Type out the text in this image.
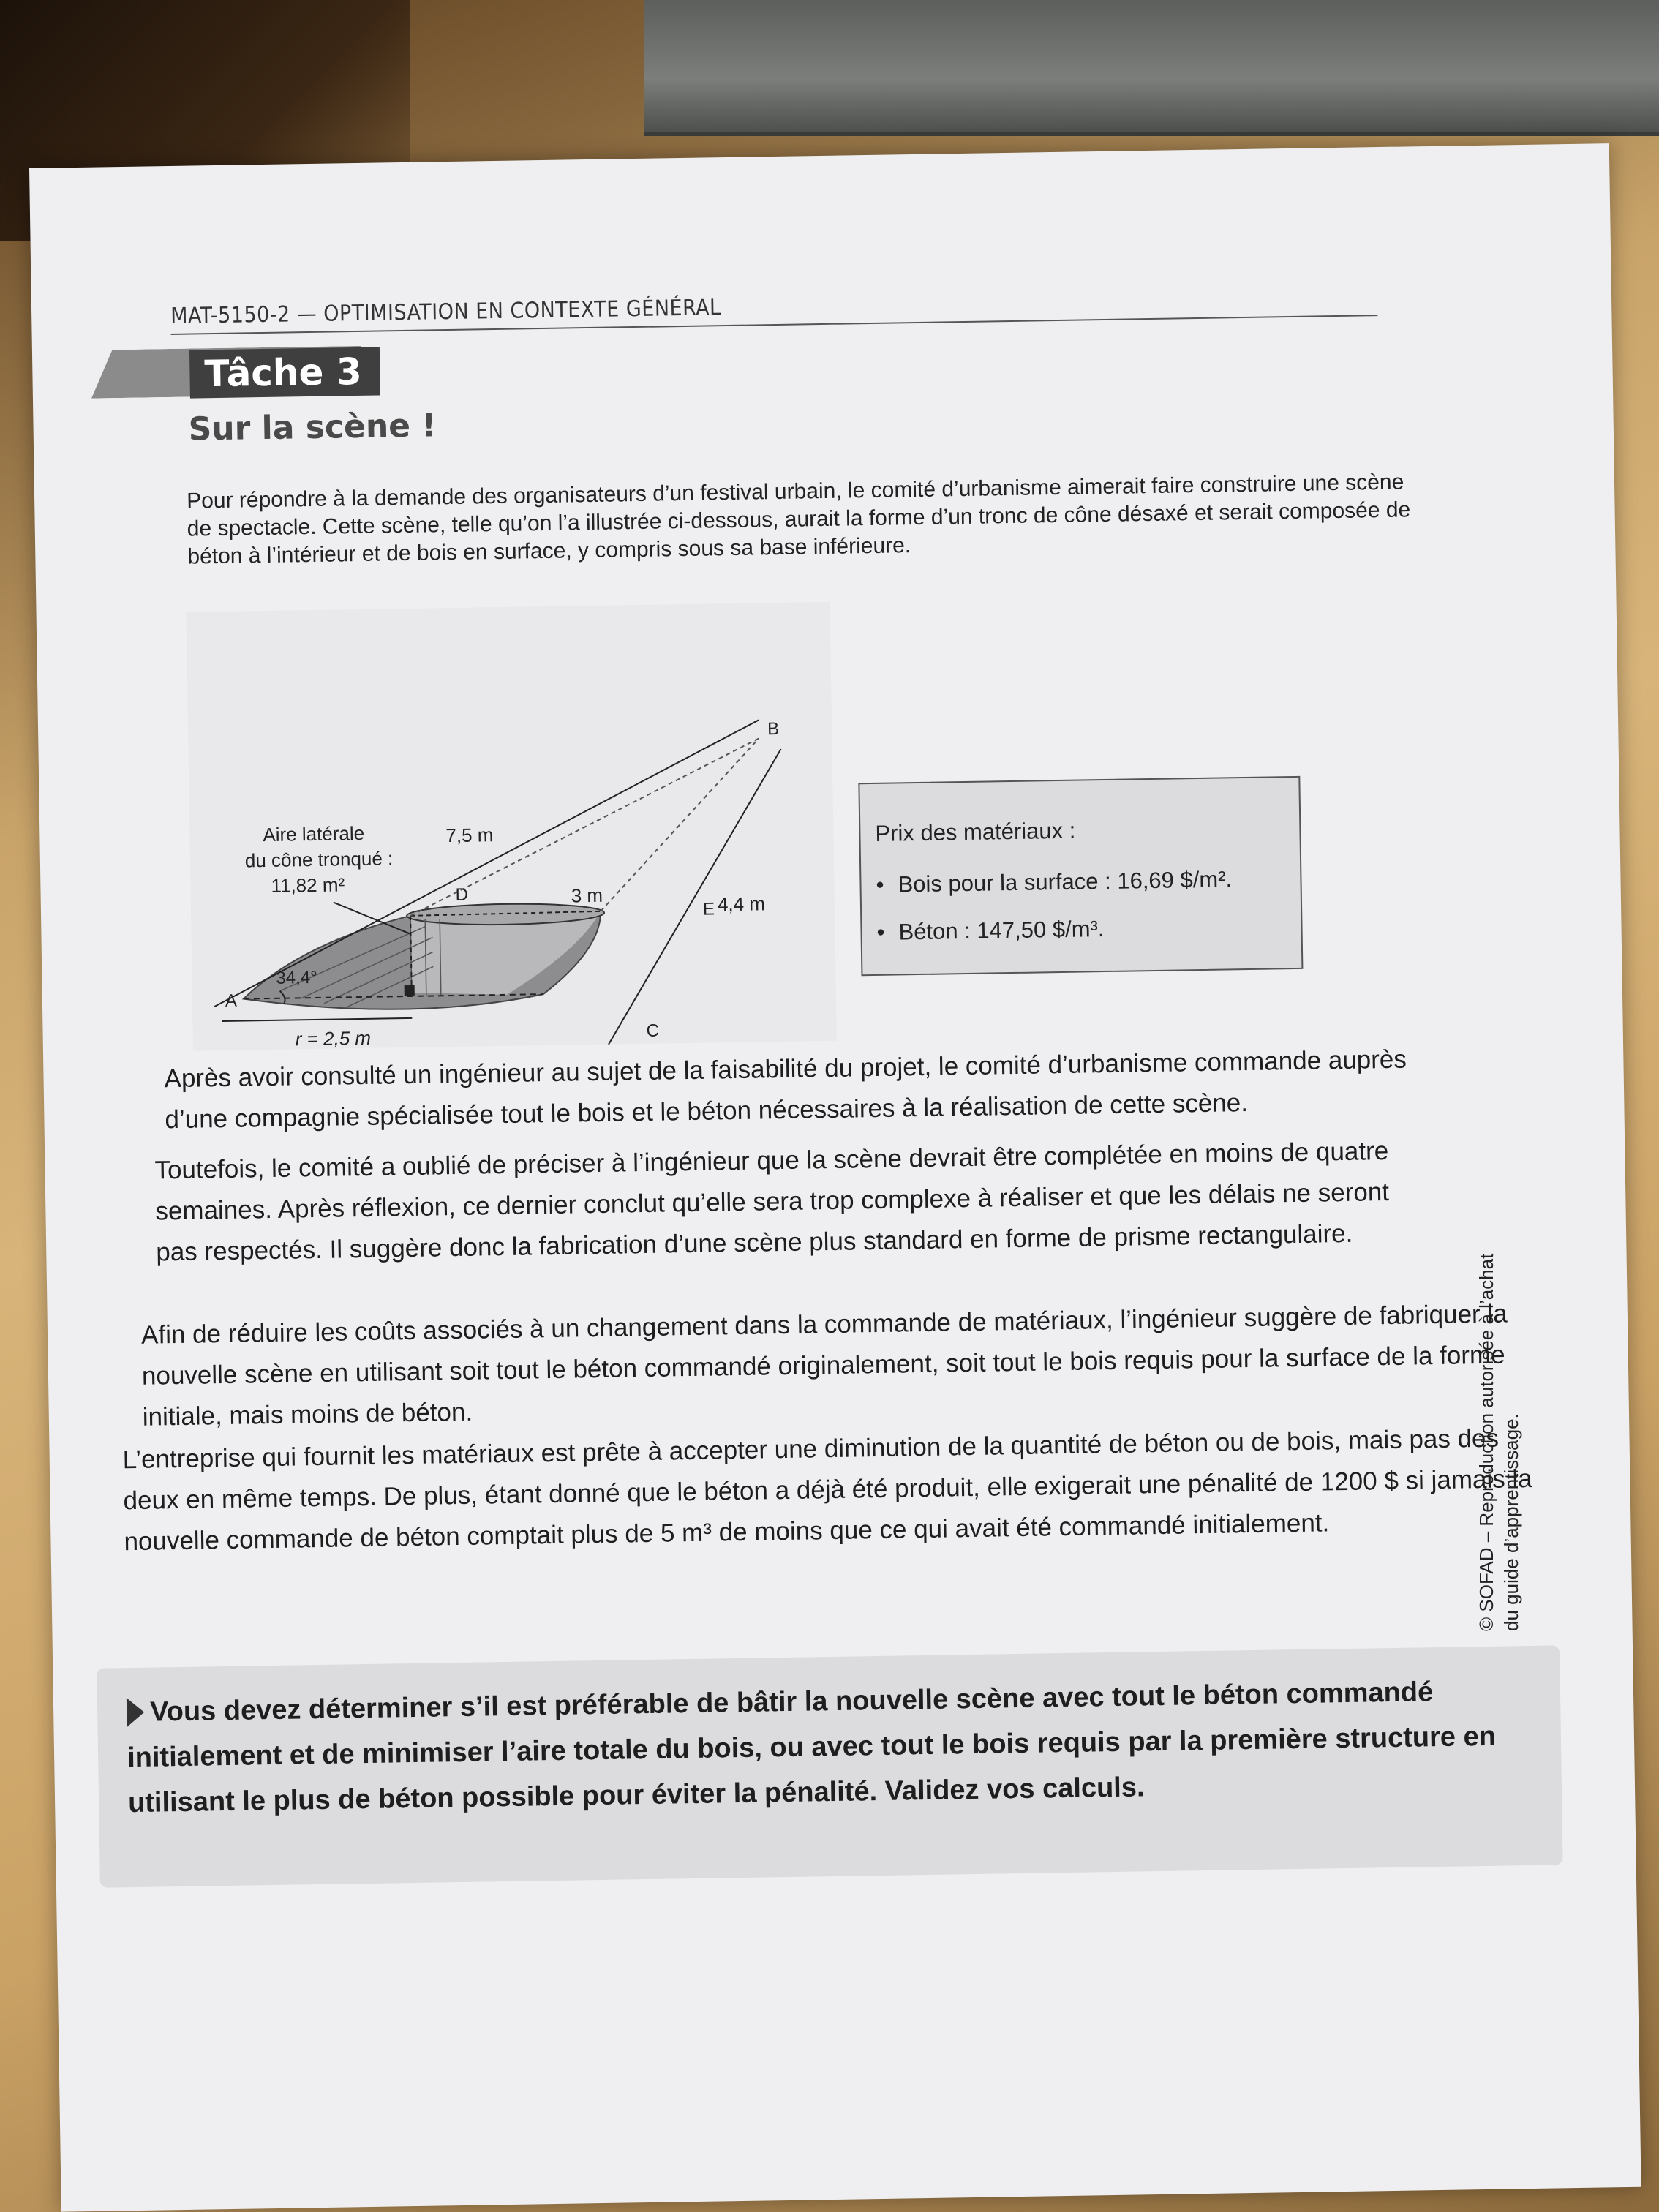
MAT-5150-2 — OPTIMISATION EN CONTEXTE GÉNÉRAL
Tâche 3
Sur la scène !
Pour répondre à la demande des organisateurs d’un festival urbain, le comité d’urbanisme aimerait faire construire une scène de spectacle. Cette scène, telle qu’on l’a illustrée ci-dessous, aurait la forme d’un tronc de cône désaxé et serait composée de béton à l’intérieur et de bois en surface, y compris sous sa base inférieure.
Aire latérale
du cône tronqué :
11,82 m²
7,5 m
3 m	4,4 m
34,4°
r = 2,5 m
A
B
C
D
E
Prix des matériaux :
• Bois pour la surface : 16,69 $/m².
• Béton : 147,50 $/m³.
Après avoir consulté un ingénieur au sujet de la faisabilité du projet, le comité d’urbanisme commande auprès d’une compagnie spécialisée tout le bois et le béton nécessaires à la réalisation de cette scène.
Toutefois, le comité a oublié de préciser à l’ingénieur que la scène devrait être complétée en moins de quatre semaines. Après réflexion, ce dernier conclut qu’elle sera trop complexe à réaliser et que les délais ne seront pas respectés. Il suggère donc la fabrication d’une scène plus standard en forme de prisme rectangulaire.
Afin de réduire les coûts associés à un changement dans la commande de matériaux, l’ingénieur suggère de fabriquer la nouvelle scène en utilisant soit tout le béton commandé originalement, soit tout le bois requis pour la surface de la forme initiale, mais moins de béton.
L’entreprise qui fournit les matériaux est prête à accepter une diminution de la quantité de béton ou de bois, mais pas des deux en même temps. De plus, étant donné que le béton a déjà été produit, elle exigerait une pénalité de 1200 $ si jamais la nouvelle commande de béton comptait plus de 5 m³ de moins que ce qui avait été commandé initialement.
Vous devez déterminer s’il est préférable de bâtir la nouvelle scène avec tout le béton commandé initialement et de minimiser l’aire totale du bois, ou avec tout le bois requis par la première structure en utilisant le plus de béton possible pour éviter la pénalité. Validez vos calculs.
© SOFAD – Reproduction autorisée à l’achat du guide d’apprentissage.
